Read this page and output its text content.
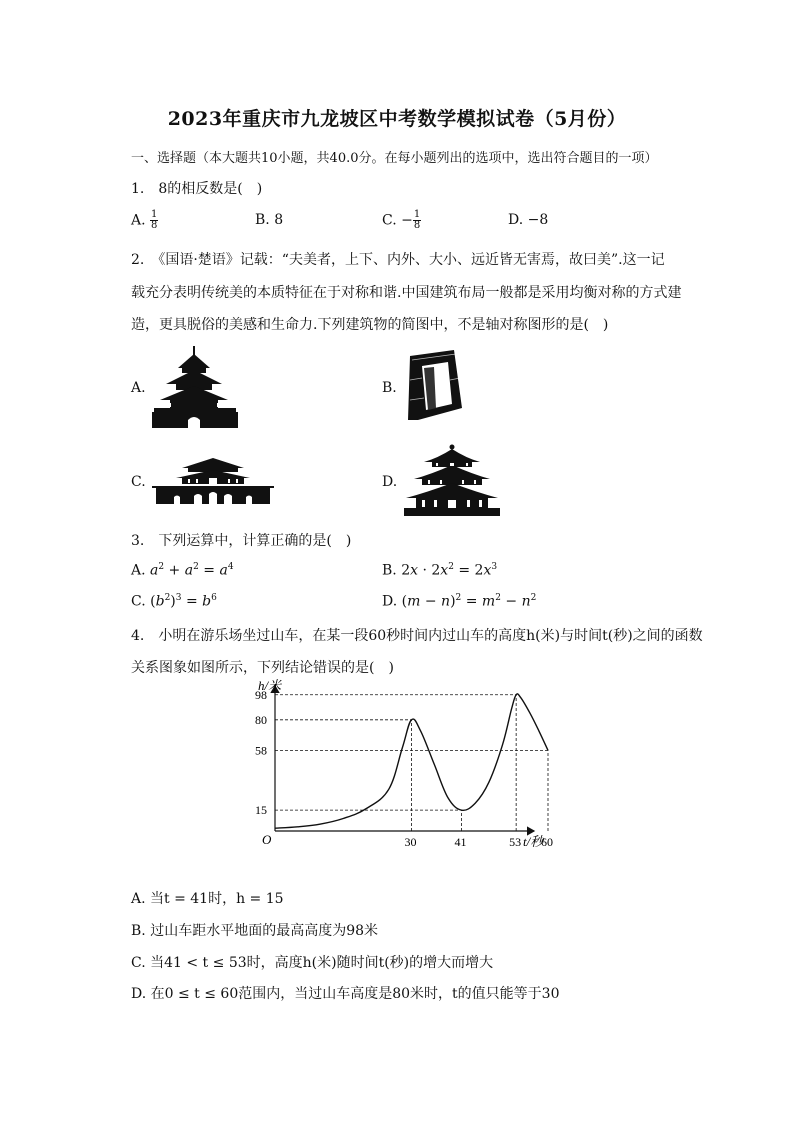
2023年重庆市九龙坡区中考数学模拟试卷（5月份）
一、选择题（本大题共10小题，共40.0分。在每小题列出的选项中，选出符合题目的一项）
1.　8的相反数是(　)
A. $\frac{1}{8}$	B. 8	C. − $\frac{1}{8}$	D. −8
2.　《国语·楚语》记载：“夫美者，上下、内外、大小、远近皆无害焉，故曰美”.这一记
载充分表明传统美的本质特征在于对称和谐.中国建筑布局一般都是采用均衡对称的方式建
造，更具脱俗的美感和生命力.下列建筑物的简图中，不是轴对称图形的是(　)
A.	B.
C.	D.
3.　下列运算中，计算正确的是(　)
A. $a^2 + a^2 = a^4$	B. $2x \cdot 2x^2 = 2x^3$
C. $(b^2)^3 = b^6$	D. $(m - n)^2 = m^2 - n^2$
4.　小明在游乐场坐过山车，在某一段60秒时间内过山车的高度h(米)与时间t(秒)之间的函数
关系图象如图所示，下列结论错误的是(　)
15
58
80
98
30	41	53 60
h/米
t/秒
O
A. 当t = 41时，h = 15
B. 过山车距水平地面的最高高度为98米
C. 当41 < t ≤ 53时，高度h(米)随时间t(秒)的增大而增大
D. 在0 ≤ t ≤ 60范围内，当过山车高度是80米时，t的值只能等于30
